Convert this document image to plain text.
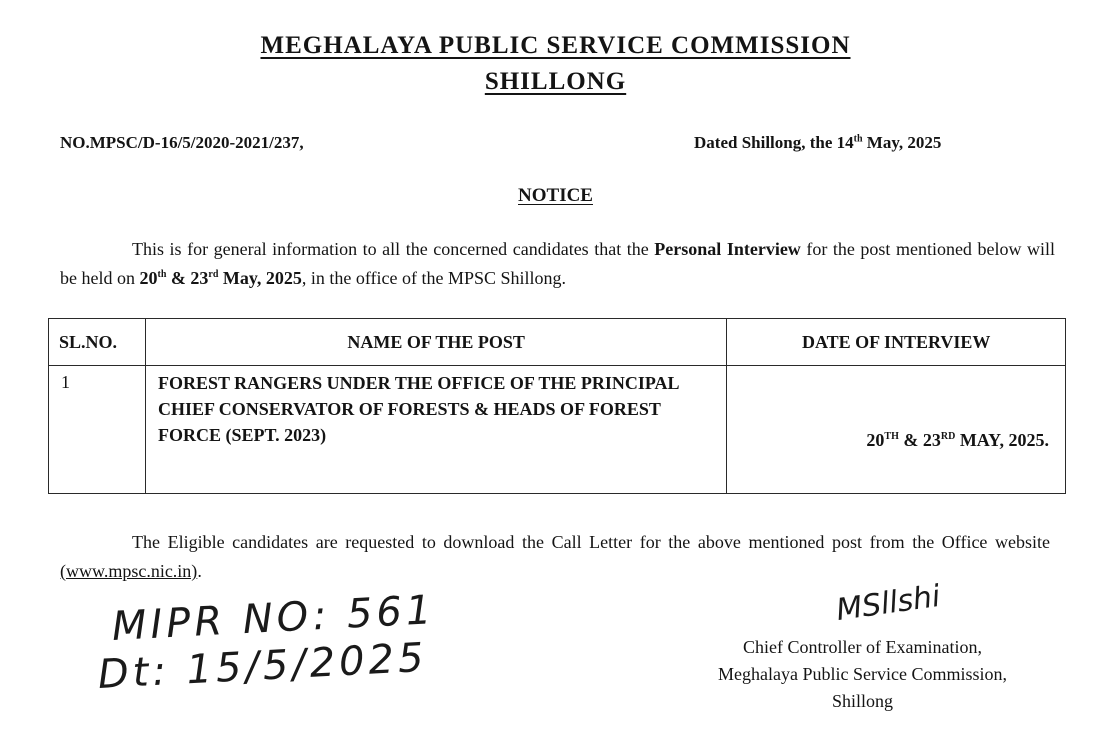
MEGHALAYA PUBLIC SERVICE COMMISSION
SHILLONG
NO.MPSC/D-16/5/2020-2021/237,	Dated Shillong, the 14th May, 2025
NOTICE
This is for general information to all the concerned candidates that the Personal Interview for the post mentioned below will be held on 20th & 23rd May, 2025, in the office of the MPSC Shillong.
SL.NO.	NAME OF THE POST	DATE OF INTERVIEW
1	FOREST RANGERS UNDER THE OFFICE OF THE PRINCIPAL CHIEF CONSERVATOR OF FORESTS & HEADS OF FOREST FORCE (SEPT. 2023)	20TH & 23RD MAY, 2025.
The Eligible candidates are requested to download the Call Letter for the above mentioned post from the Office website (www.mpsc.nic.in).
MIPR NO: 561
Dt: 15/5/2025
MSllshi
Chief Controller of Examination,
Meghalaya Public Service Commission,
Shillong
